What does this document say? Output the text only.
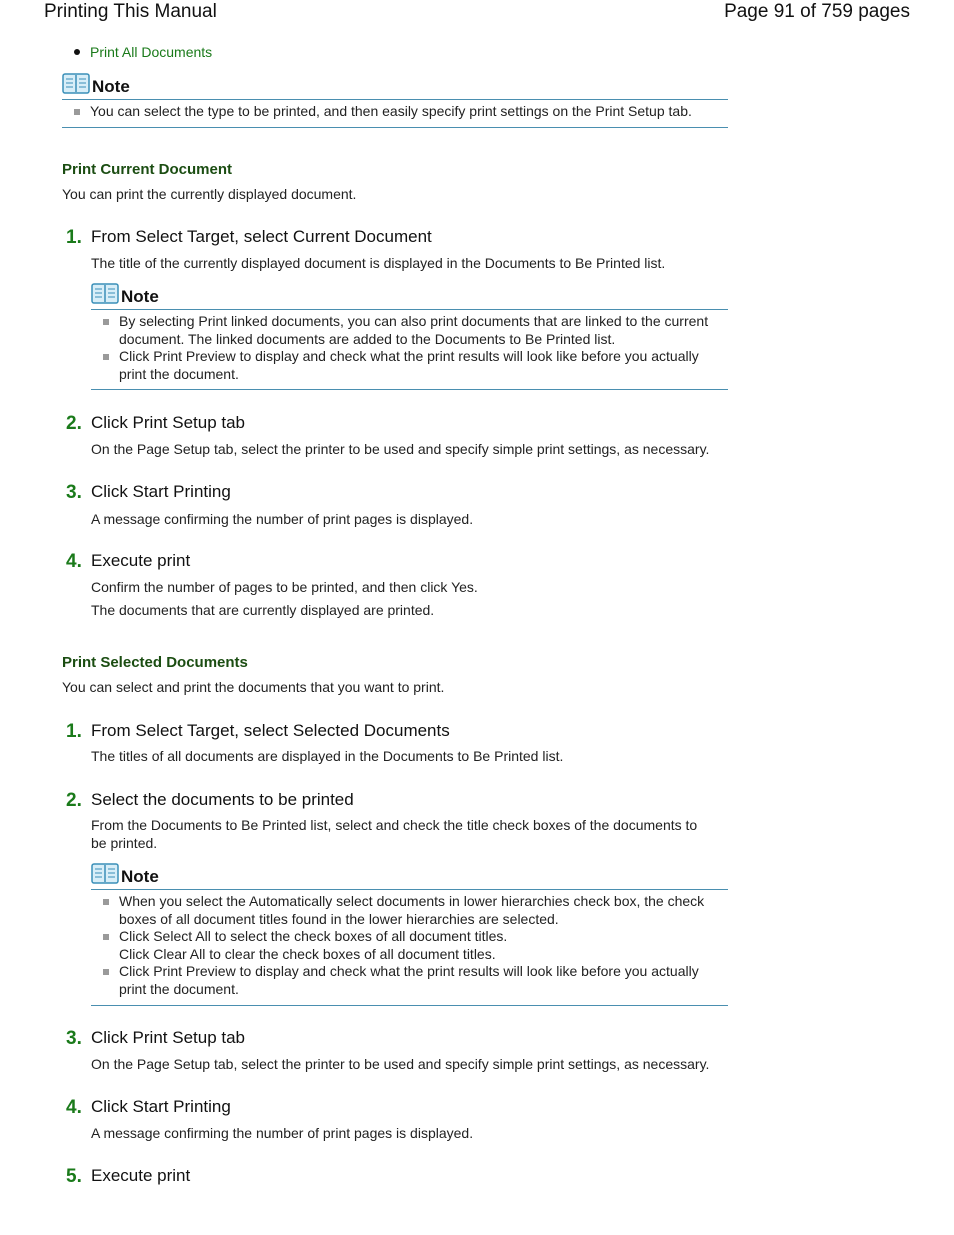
Printing This Manual	Page 91 of 759 pages
Print All Documents
Note
You can select the type to be printed, and then easily specify print settings on the Print Setup tab.
Print Current Document
You can print the currently displayed document.
1. From Select Target, select Current Document
The title of the currently displayed document is displayed in the Documents to Be Printed list.
Note
By selecting Print linked documents, you can also print documents that are linked to the current
document. The linked documents are added to the Documents to Be Printed list.
Click Print Preview to display and check what the print results will look like before you actually
print the document.
2. Click Print Setup tab
On the Page Setup tab, select the printer to be used and specify simple print settings, as necessary.
3. Click Start Printing
A message confirming the number of print pages is displayed.
4. Execute print
Confirm the number of pages to be printed, and then click Yes.
The documents that are currently displayed are printed.
Print Selected Documents
You can select and print the documents that you want to print.
1. From Select Target, select Selected Documents
The titles of all documents are displayed in the Documents to Be Printed list.
2. Select the documents to be printed
From the Documents to Be Printed list, select and check the title check boxes of the documents to
be printed.
Note
When you select the Automatically select documents in lower hierarchies check box, the check
boxes of all document titles found in the lower hierarchies are selected.
Click Select All to select the check boxes of all document titles.
Click Clear All to clear the check boxes of all document titles.
Click Print Preview to display and check what the print results will look like before you actually
print the document.
3. Click Print Setup tab
On the Page Setup tab, select the printer to be used and specify simple print settings, as necessary.
4. Click Start Printing
A message confirming the number of print pages is displayed.
5. Execute print
